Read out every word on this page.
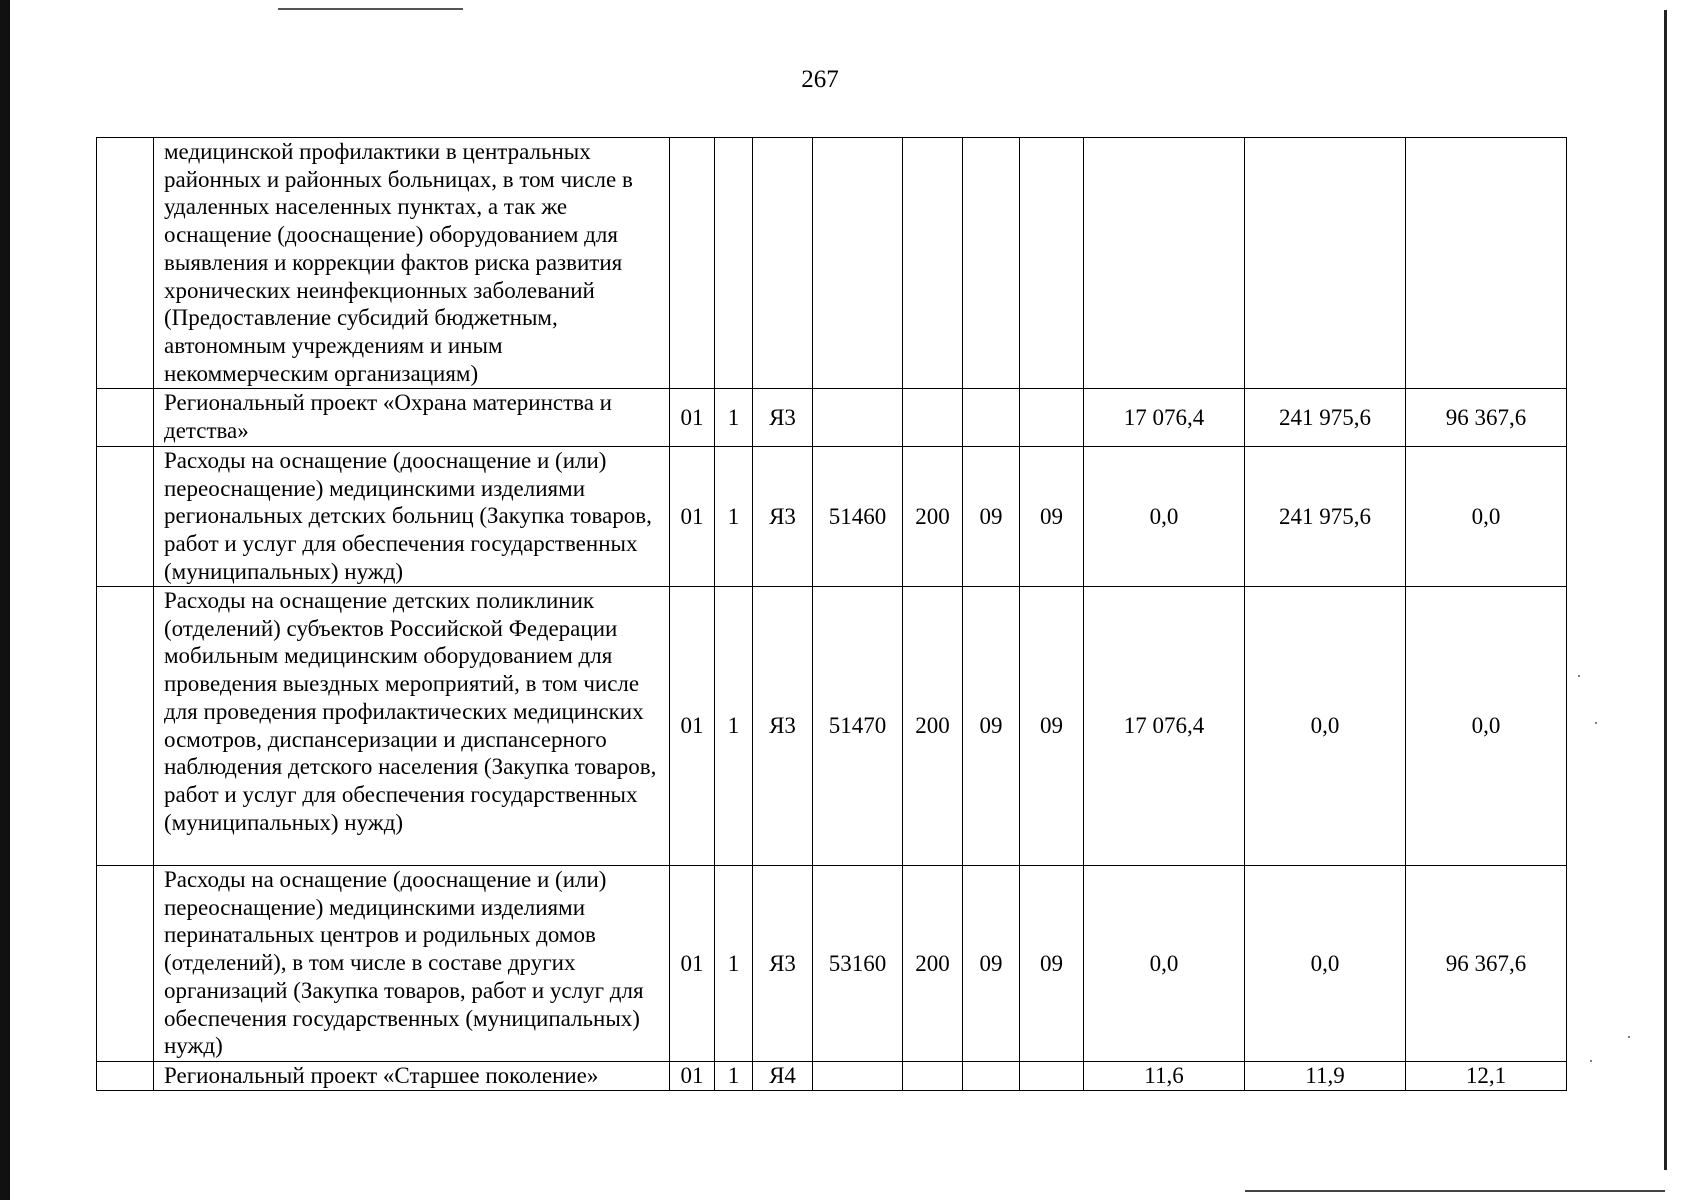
267
	медицинской профилактики в центральных районных и районных больницах, в том числе в удаленных населенных пунктах, а так же оснащение (дооснащение) оборудованием для выявления и коррекции фактов риска развития хронических неинфекционных заболеваний (Предоставление субсидий бюджетным, автономным учреждениям и иным некоммерческим организациям)										
	Региональный проект «Охрана материнства и детства»	01	1	Я3					17 076,4	241 975,6	96 367,6
	Расходы на оснащение (дооснащение и (или) переоснащение) медицинскими изделиями региональных детских больниц (Закупка товаров, работ и услуг для обеспечения государственных (муниципальных) нужд)	01	1	Я3	51460	200	09	09	0,0	241 975,6	0,0
	Расходы на оснащение детских поликлиник (отделений) субъектов Российской Федерации мобильным медицинским оборудованием для проведения выездных мероприятий, в том числе для проведения профилактических медицинских осмотров, диспансеризации и диспансерного наблюдения детского населения (Закупка товаров, работ и услуг для обеспечения государственных (муниципальных) нужд)	01	1	Я3	51470	200	09	09	17 076,4	0,0	0,0
	Расходы на оснащение (дооснащение и (или) переоснащение) медицинскими изделиями перинатальных центров и родильных домов (отделений), в том числе в составе других организаций (Закупка товаров, работ и услуг для обеспечения государственных (муниципальных) нужд)	01	1	Я3	53160	200	09	09	0,0	0,0	96 367,6
	Региональный проект «Старшее поколение»	01	1	Я4					11,6	11,9	12,1
